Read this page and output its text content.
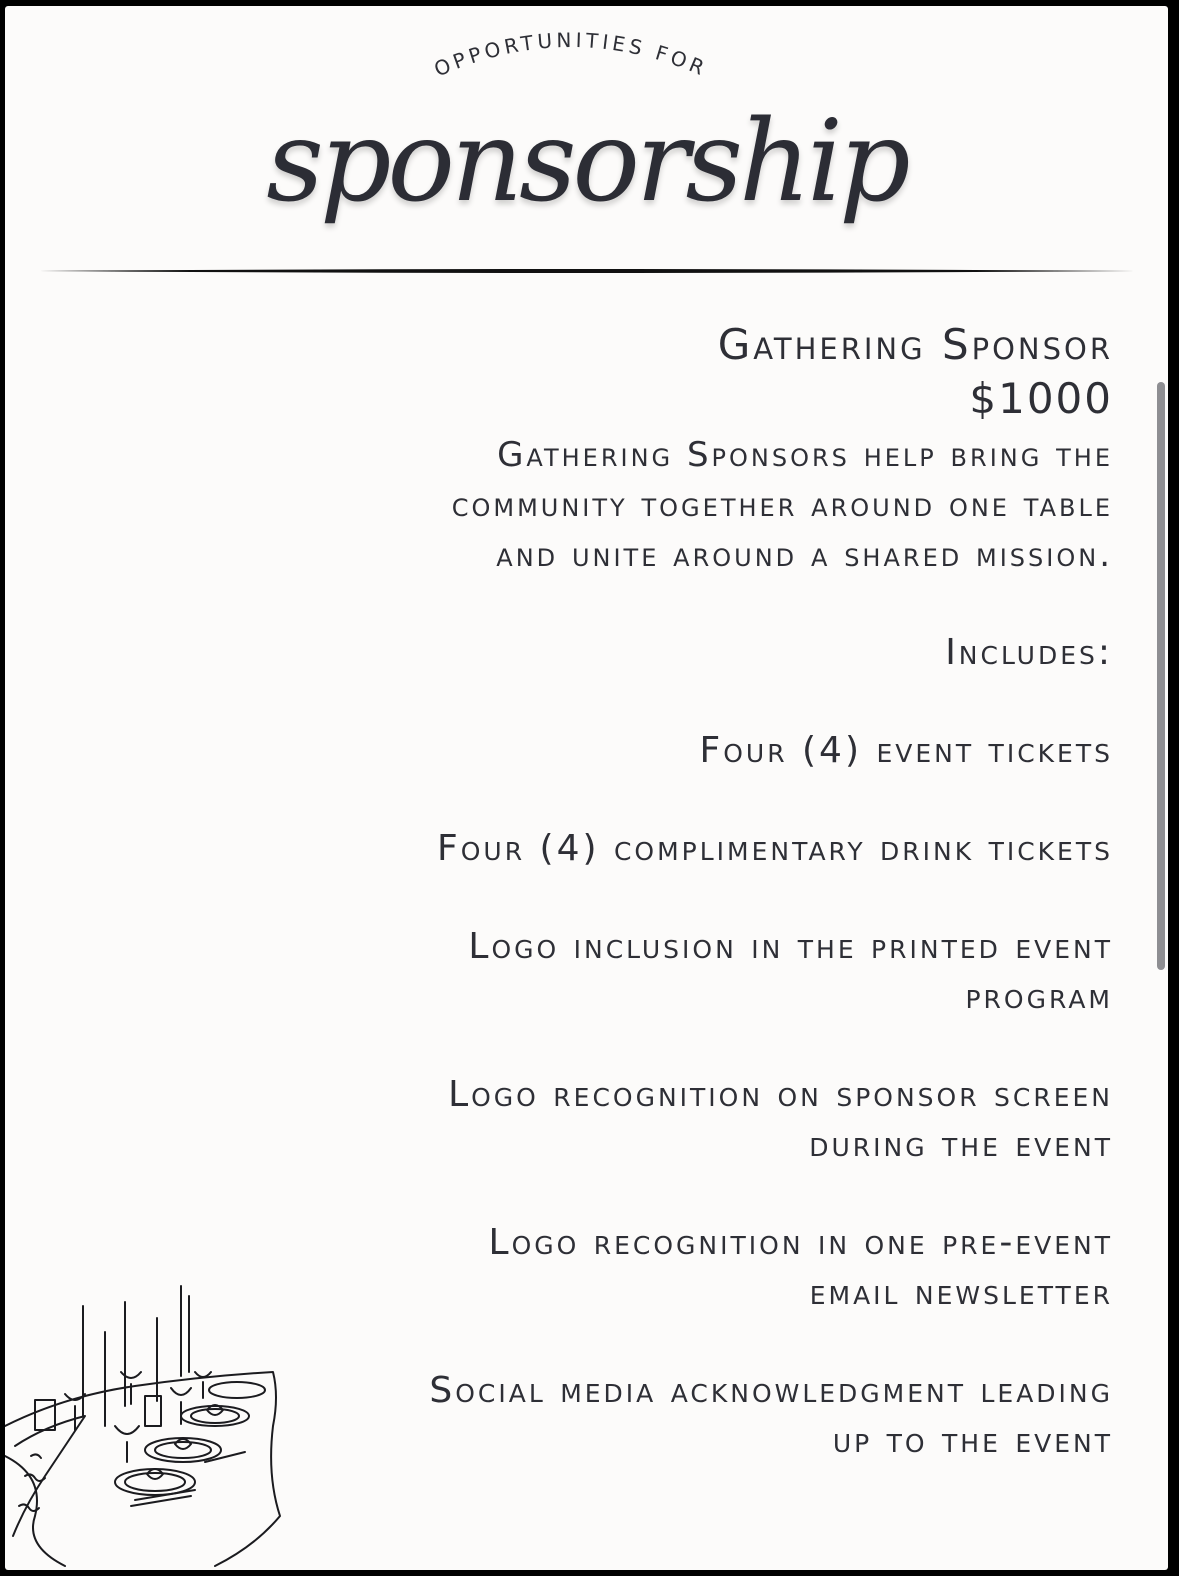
OPPORTUNITIES FOR
sponsorship
Gathering Sponsor
$1000
Gathering Sponsors help bring the
community together around one table
and unite around a shared mission.
Includes:
Four (4) event tickets
Four (4) complimentary drink tickets
Logo inclusion in the printed event
program
Logo recognition on sponsor screen
during the event
Logo recognition in one pre-event
email newsletter
Social media acknowledgment leading
up to the event
